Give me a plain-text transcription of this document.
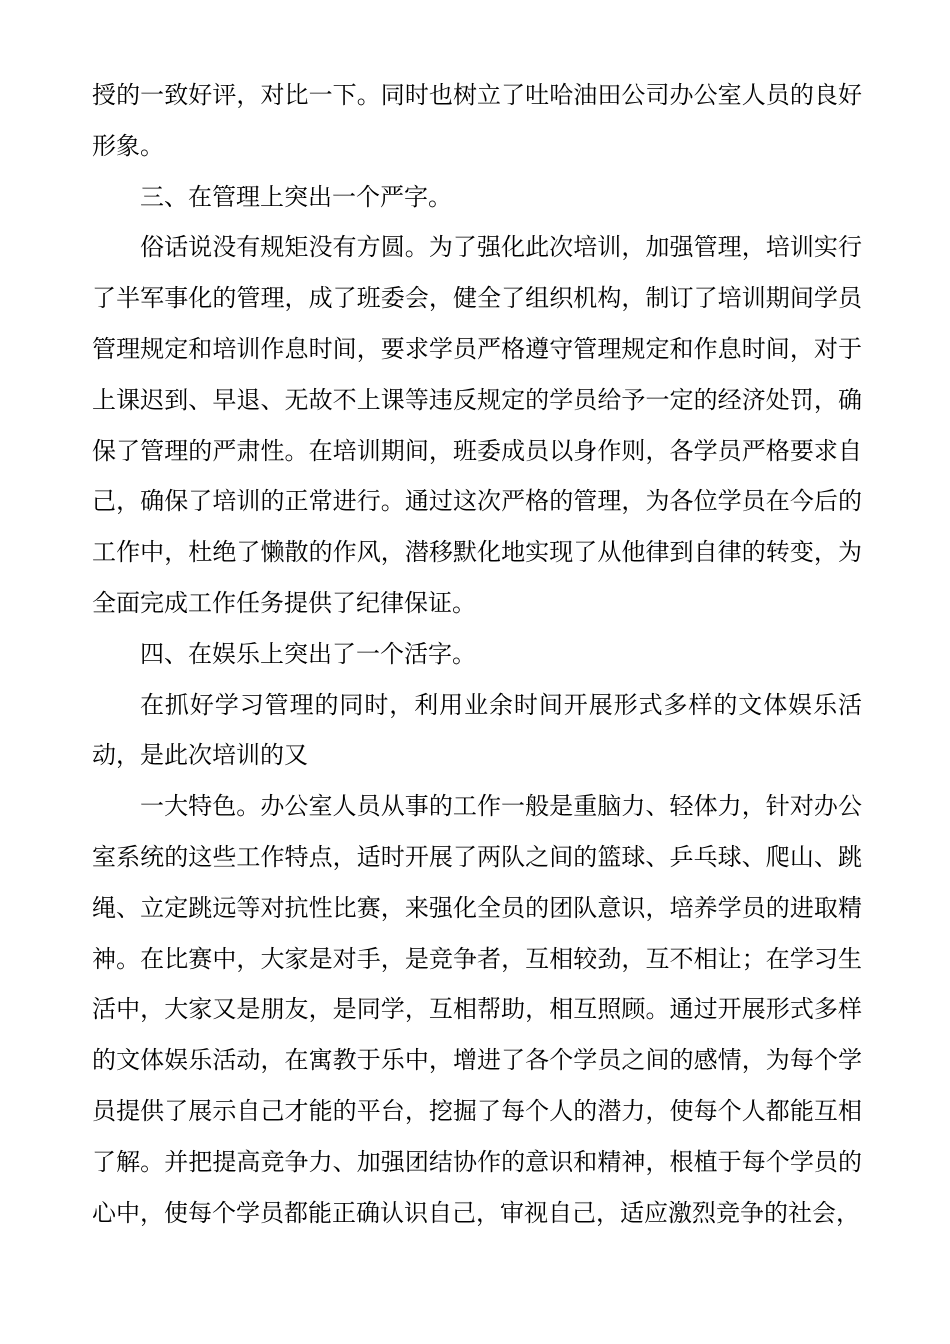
授的一致好评，对比一下。同时也树立了吐哈油田公司办公室人员的良好形象。

三、在管理上突出一个严字。

俗话说没有规矩没有方圆。为了强化此次培训，加强管理，培训实行了半军事化的管理，成了班委会，健全了组织机构，制订了培训期间学员管理规定和培训作息时间，要求学员严格遵守管理规定和作息时间，对于上课迟到、早退、无故不上课等违反规定的学员给予一定的经济处罚，确保了管理的严肃性。在培训期间，班委成员以身作则，各学员严格要求自己，确保了培训的正常进行。通过这次严格的管理，为各位学员在今后的工作中，杜绝了懒散的作风，潜移默化地实现了从他律到自律的转变，为全面完成工作任务提供了纪律保证。

四、在娱乐上突出了一个活字。

在抓好学习管理的同时，利用业余时间开展形式多样的文体娱乐活动，是此次培训的又

一大特色。办公室人员从事的工作一般是重脑力、轻体力，针对办公室系统的这些工作特点，适时开展了两队之间的篮球、乒乓球、爬山、跳绳、立定跳远等对抗性比赛，来强化全员的团队意识，培养学员的进取精神。在比赛中，大家是对手，是竞争者，互相较劲，互不相让；在学习生活中，大家又是朋友，是同学，互相帮助，相互照顾。通过开展形式多样的文体娱乐活动，在寓教于乐中，增进了各个学员之间的感情，为每个学员提供了展示自己才能的平台，挖掘了每个人的潜力，使每个人都能互相了解。并把提高竞争力、加强团结协作的意识和精神，根植于每个学员的心中，使每个学员都能正确认识自己，审视自己，适应激烈竞争的社会，
